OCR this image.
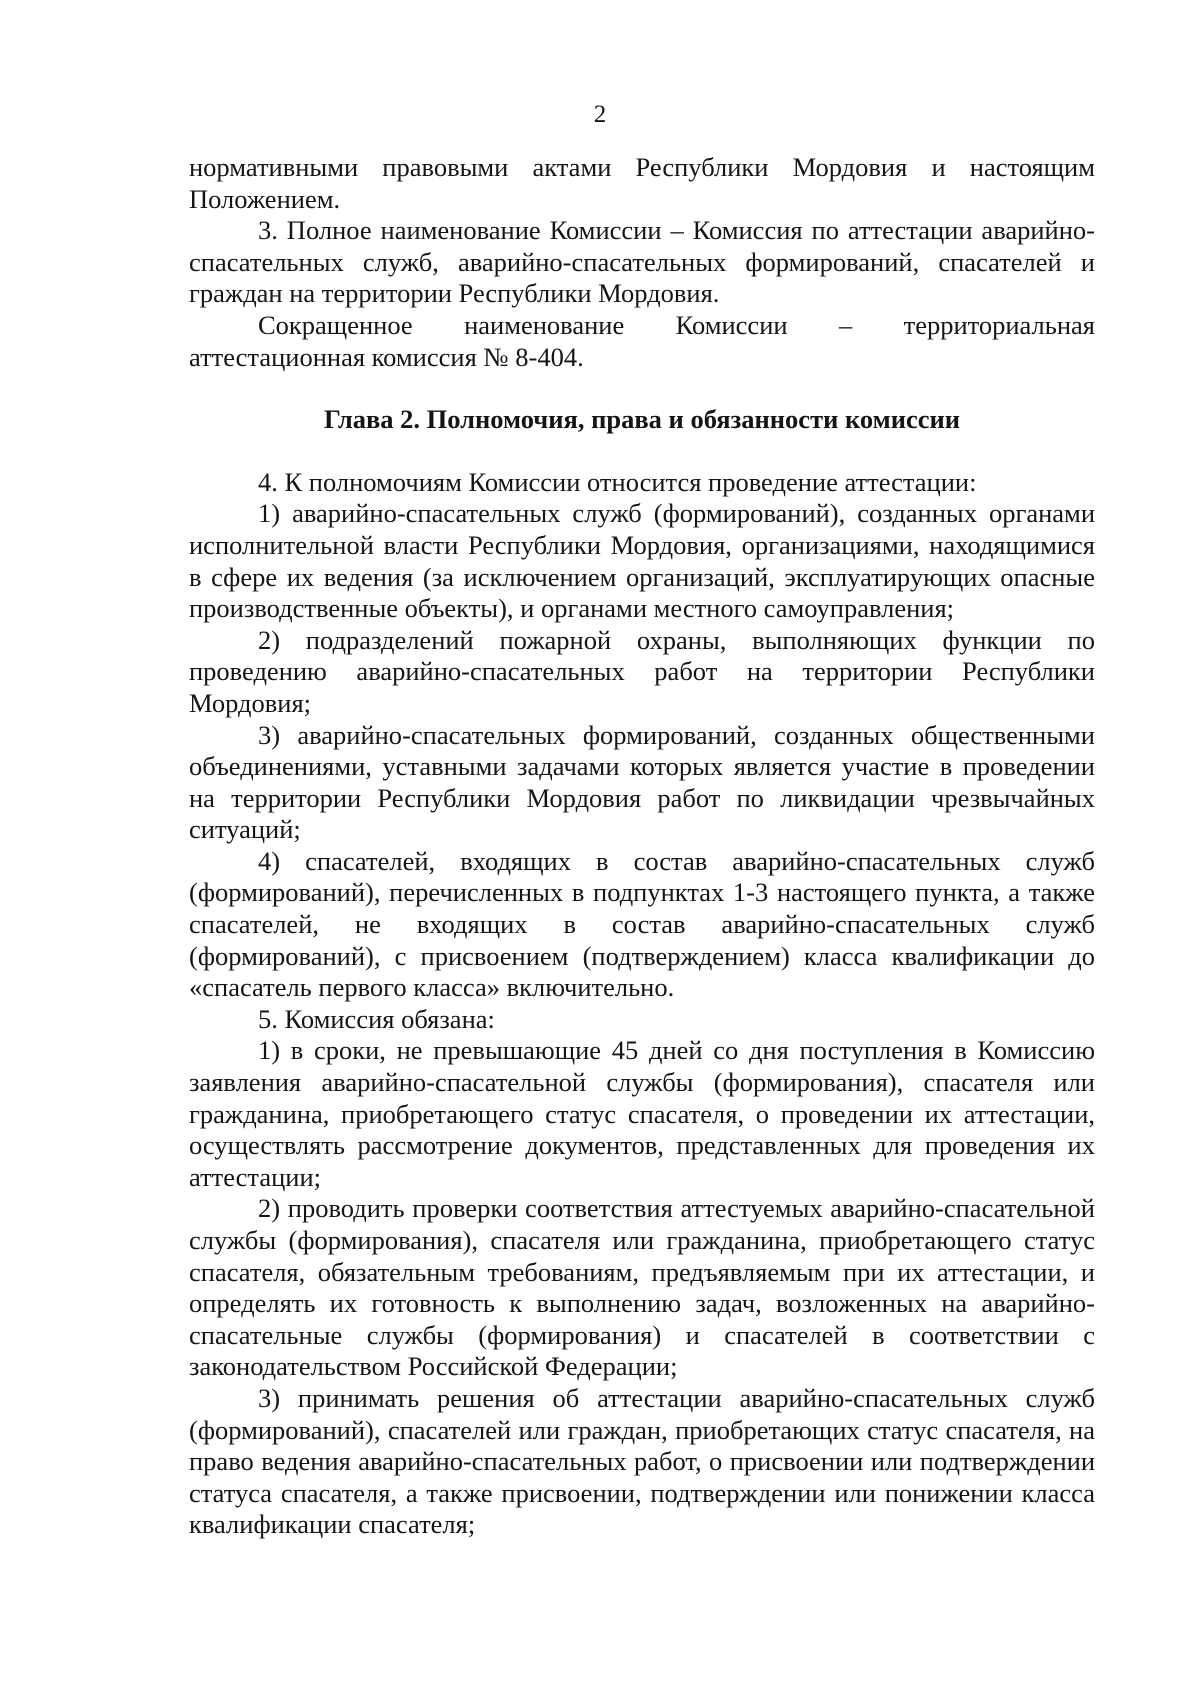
2

нормативными правовыми актами Республики Мордовия и настоящим Положением.

3. Полное наименование Комиссии – Комиссия по аттестации аварийно-спасательных служб, аварийно-спасательных формирований, спасателей и граждан на территории Республики Мордовия.

Сокращенное наименование Комиссии – территориальная аттестационная комиссия № 8-404.

Глава 2. Полномочия, права и обязанности комиссии

4. К полномочиям Комиссии относится проведение аттестации:

1) аварийно-спасательных служб (формирований), созданных органами исполнительной власти Республики Мордовия, организациями, находящимися в сфере их ведения (за исключением организаций, эксплуатирующих опасные производственные объекты), и органами местного самоуправления;

2) подразделений пожарной охраны, выполняющих функции по проведению аварийно-спасательных работ на территории Республики Мордовия;

3) аварийно-спасательных формирований, созданных общественными объединениями, уставными задачами которых является участие в проведении на территории Республики Мордовия работ по ликвидации чрезвычайных ситуаций;

4) спасателей, входящих в состав аварийно-спасательных служб (формирований), перечисленных в подпунктах 1-3 настоящего пункта, а также спасателей, не входящих в состав аварийно-спасательных служб (формирований), с присвоением (подтверждением) класса квалификации до «спасатель первого класса» включительно.

5. Комиссия обязана:

1) в сроки, не превышающие 45 дней со дня поступления в Комиссию заявления аварийно-спасательной службы (формирования), спасателя или гражданина, приобретающего статус спасателя, о проведении их аттестации, осуществлять рассмотрение документов, представленных для проведения их аттестации;

2) проводить проверки соответствия аттестуемых аварийно-спасательной службы (формирования), спасателя или гражданина, приобретающего статус спасателя, обязательным требованиям, предъявляемым при их аттестации, и определять их готовность к выполнению задач, возложенных на аварийно-спасательные службы (формирования) и спасателей в соответствии с законодательством Российской Федерации;

3) принимать решения об аттестации аварийно-спасательных служб (формирований), спасателей или граждан, приобретающих статус спасателя, на право ведения аварийно-спасательных работ, о присвоении или подтверждении статуса спасателя, а также присвоении, подтверждении или понижении класса квалификации спасателя;
